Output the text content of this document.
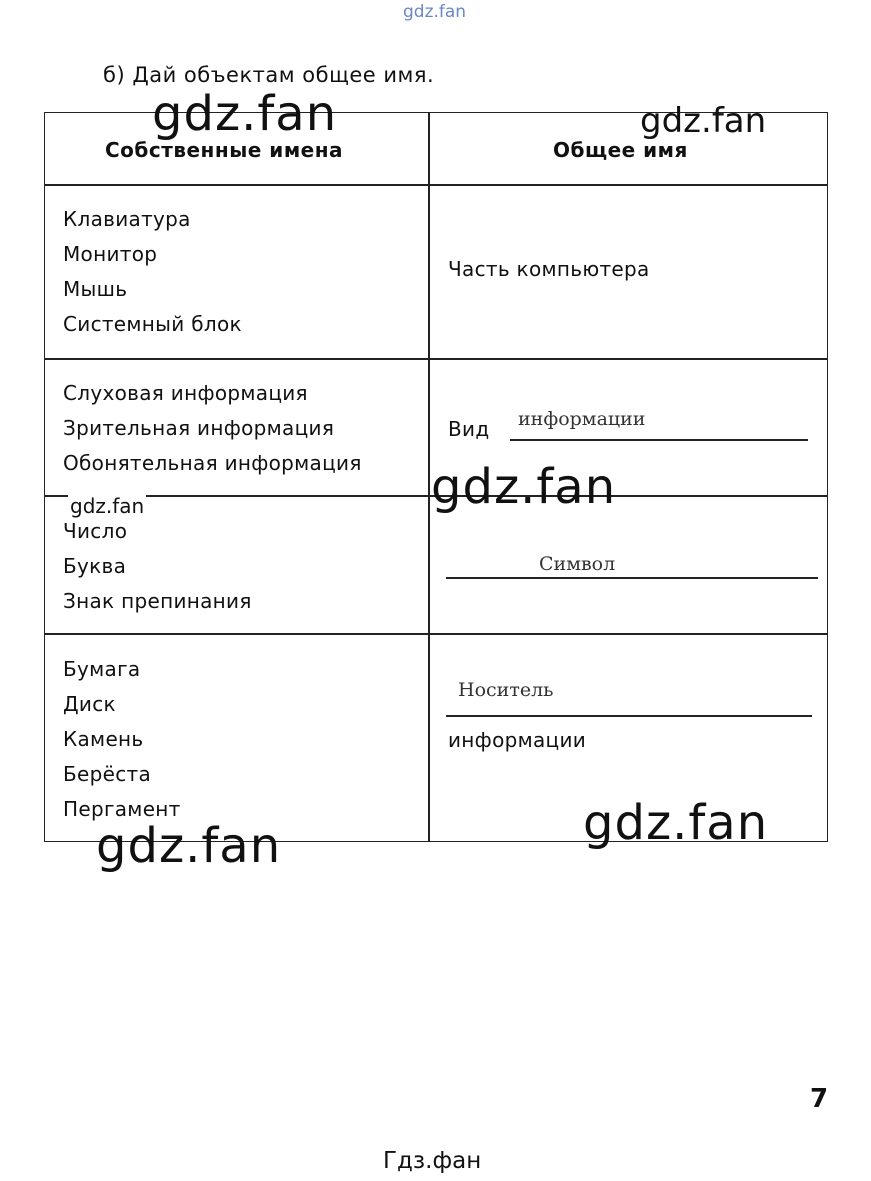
gdz.fan
б) Дай объектам общее имя.
Собственные имена	Общее имя
Клавиатура
Монитор
Мышь
Системный блок
Часть компьютера
Слуховая информация
Зрительная информация
Обонятельная информация
Вид информации
Число
Буква
Знак препинания
Символ
Бумага
Диск
Камень
Берёста
Пергамент
Носитель
информации
gdz.fan	gdz.fan
gdz.fan
gdz.fan
gdz.fan
gdz.fan
7
Гдз.фан
